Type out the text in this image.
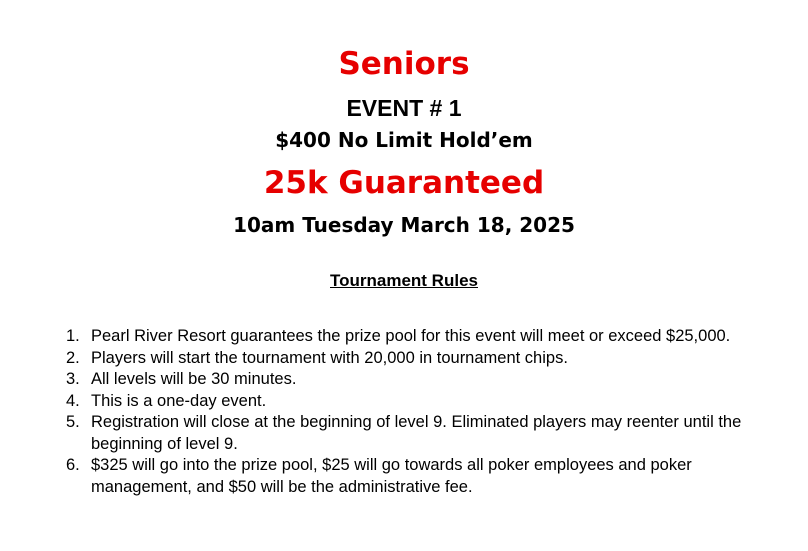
Seniors
EVENT # 1
$400 No Limit Hold’em
25k Guaranteed
10am Tuesday March 18, 2025
Tournament Rules
1. Pearl River Resort guarantees the prize pool for this event will meet or exceed $25,000.
2. Players will start the tournament with 20,000 in tournament chips.
3. All levels will be 30 minutes.
4. This is a one-day event.
5. Registration will close at the beginning of level 9. Eliminated players may reenter until the beginning of level 9.
6. $325 will go into the prize pool, $25 will go towards all poker employees and poker management, and $50 will be the administrative fee.
